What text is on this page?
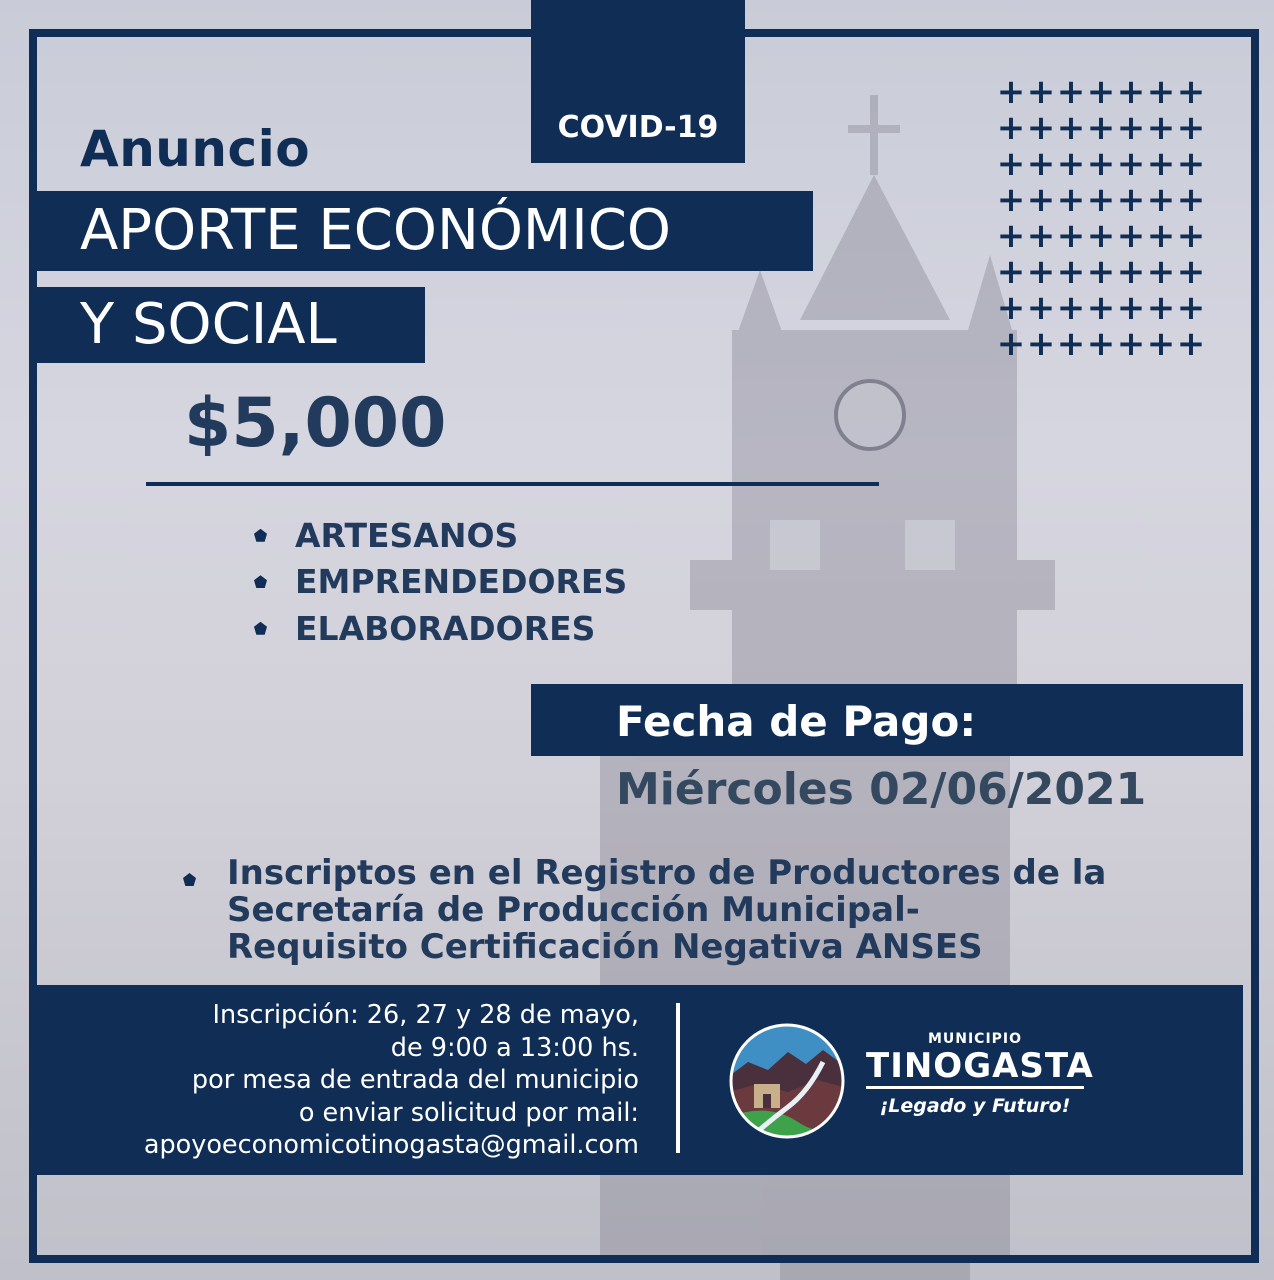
COVID-19
Anuncio
APORTE ECONÓMICO
Y SOCIAL
$5,000
ARTESANOS
EMPRENDEDORES
ELABORADORES
+ + + + + + +
+ + + + + + +
+ + + + + + +
+ + + + + + +
+ + + + + + +
+ + + + + + +
+ + + + + + +
+ + + + + + +
Fecha de Pago:
Miércoles 02/06/2021
Inscriptos en el Registro de Productores de la
Secretaría de Producción Municipal-
Requisito Certificación Negativa ANSES
Inscripción: 26, 27 y 28 de mayo,
de 9:00 a 13:00 hs.
por mesa de entrada del municipio
o enviar solicitud por mail:
apoyoeconomicotinogasta@gmail.com
MUNICIPIO
TINOGASTA
¡Legado y Futuro!
